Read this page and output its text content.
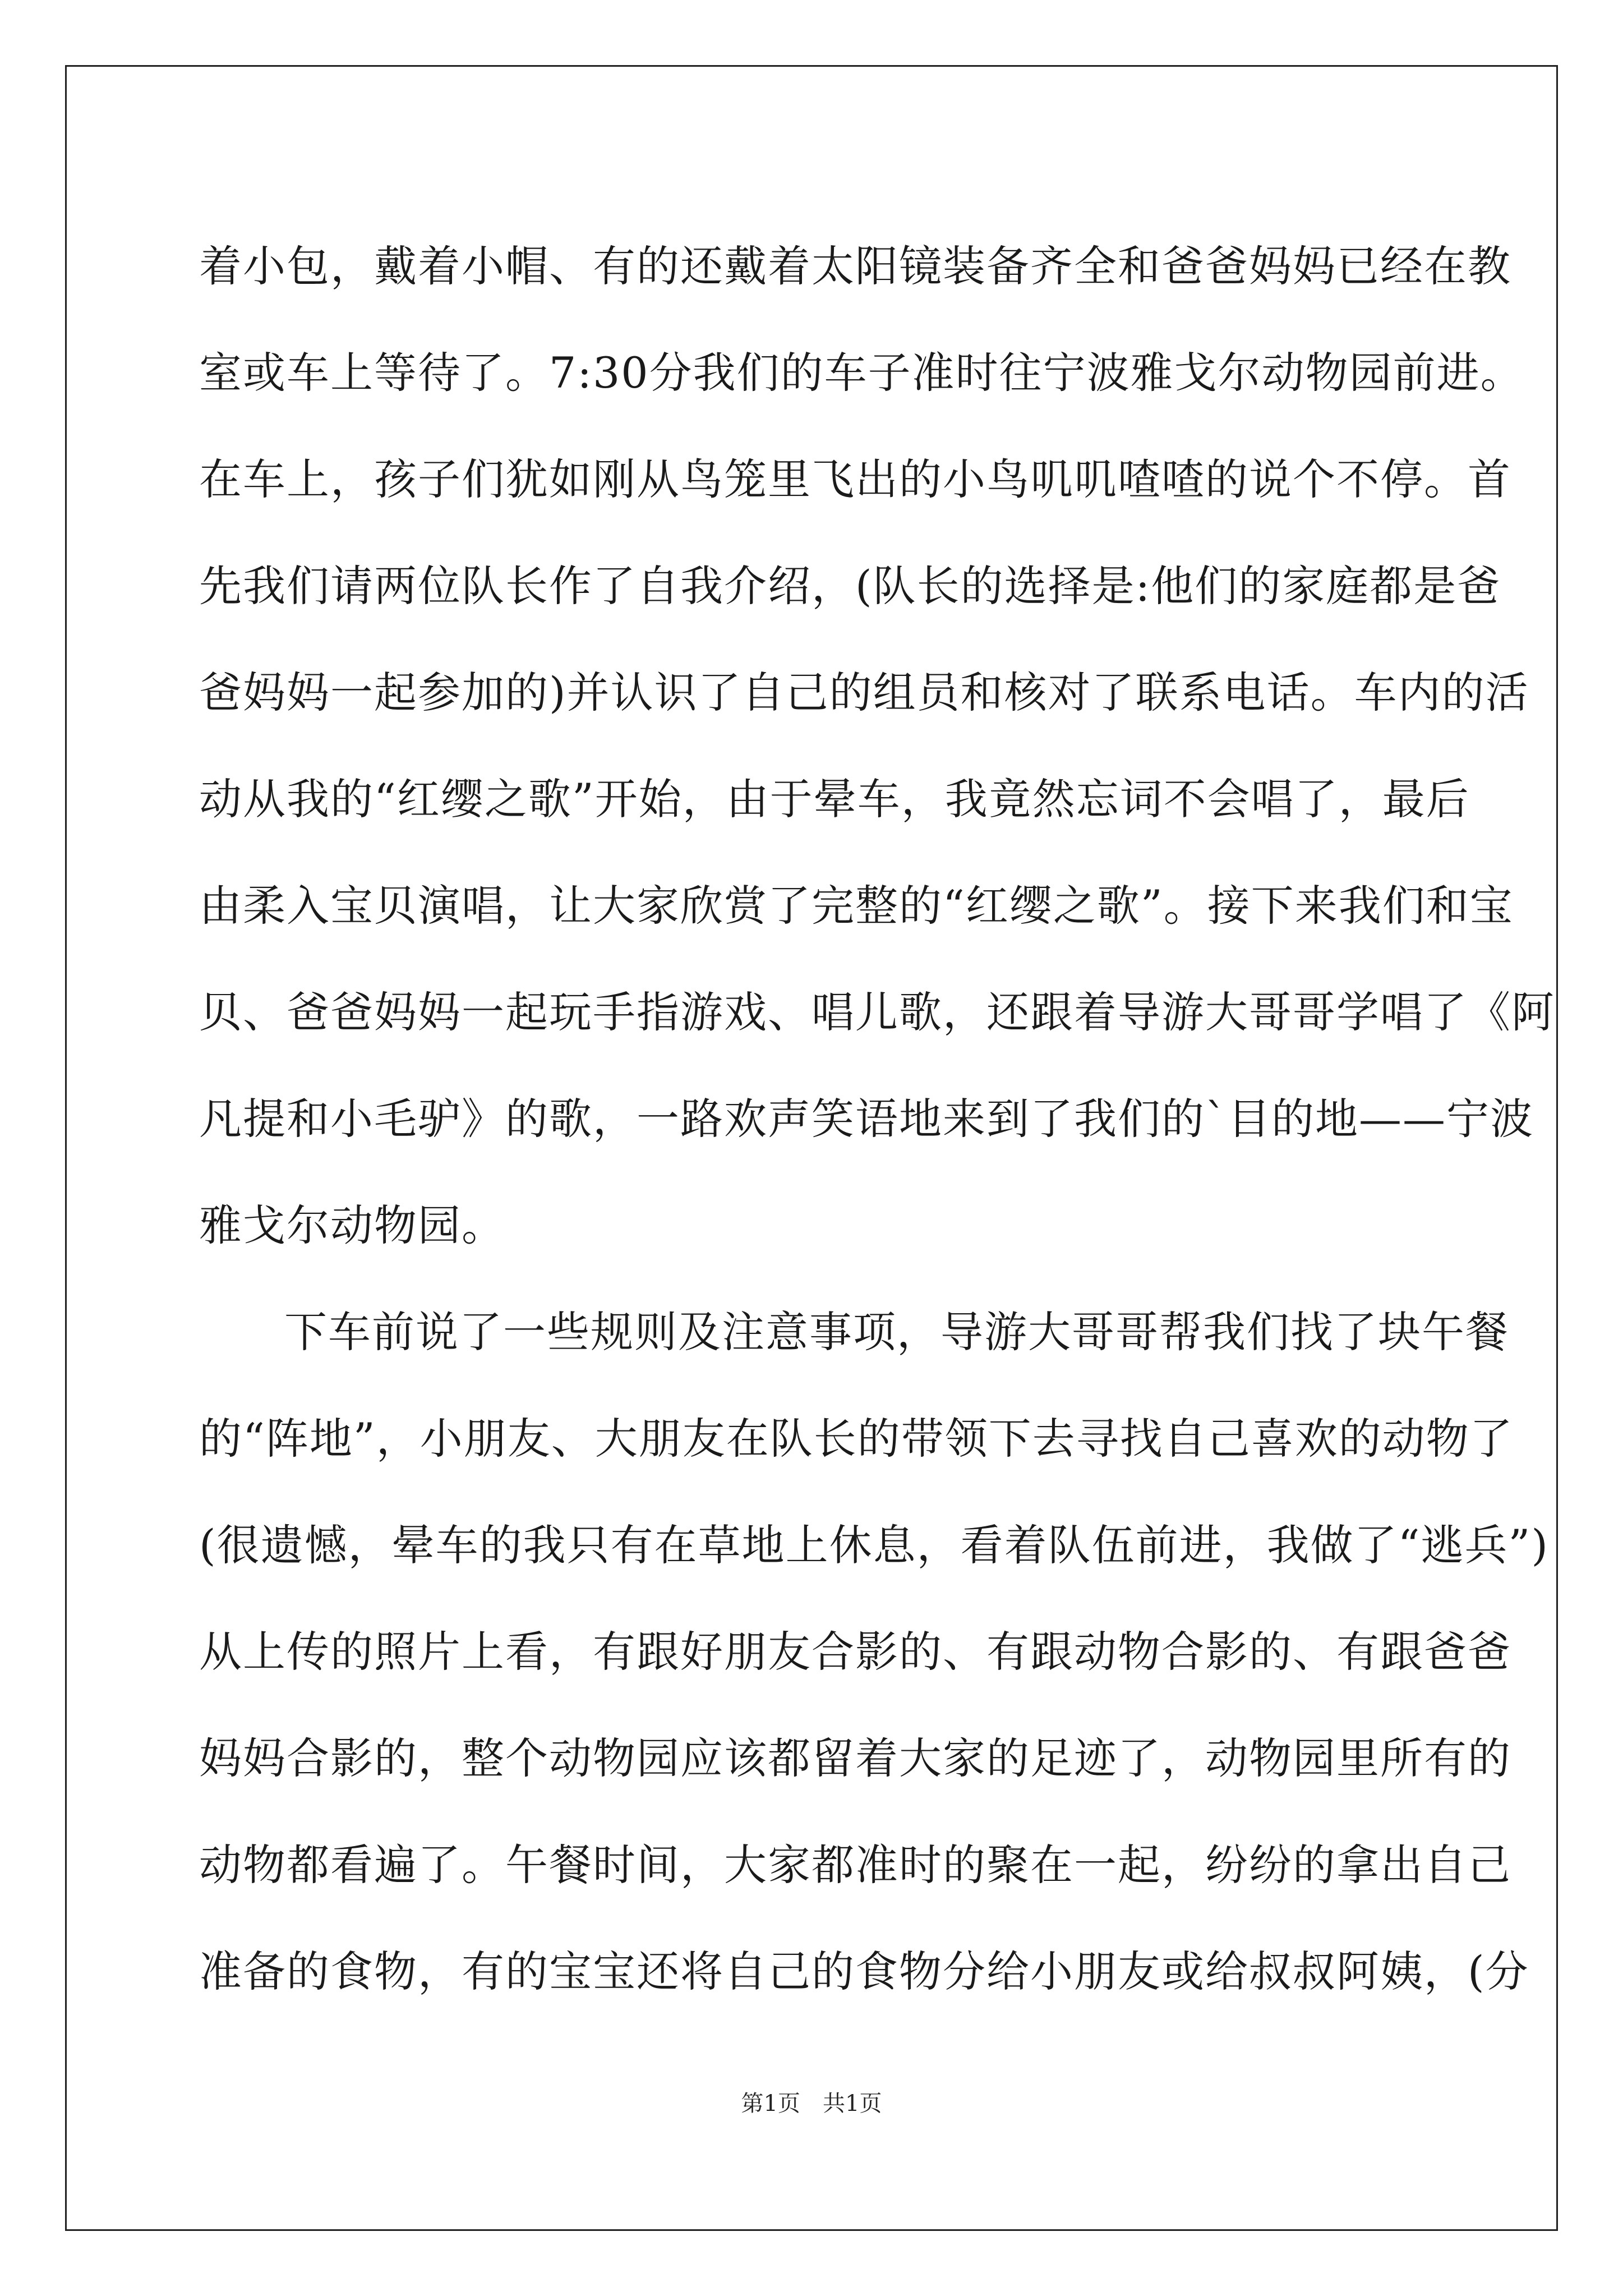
着小包，戴着小帽、有的还戴着太阳镜装备齐全和爸爸妈妈已经在教
室或车上等待了。7:30分我们的车子准时往宁波雅戈尔动物园前进。
在车上，孩子们犹如刚从鸟笼里飞出的小鸟叽叽喳喳的说个不停。首
先我们请两位队长作了自我介绍，(队长的选择是:他们的家庭都是爸
爸妈妈一起参加的)并认识了自己的组员和核对了联系电话。车内的活
动从我的“红缨之歌”开始，由于晕车，我竟然忘词不会唱了，最后
由柔入宝贝演唱，让大家欣赏了完整的“红缨之歌”。接下来我们和宝
贝、爸爸妈妈一起玩手指游戏、唱儿歌，还跟着导游大哥哥学唱了《阿
凡提和小毛驴》的歌，一路欢声笑语地来到了我们的`目的地——宁波
雅戈尔动物园。
下车前说了一些规则及注意事项，导游大哥哥帮我们找了块午餐
的“阵地”，小朋友、大朋友在队长的带领下去寻找自己喜欢的动物了
(很遗憾，晕车的我只有在草地上休息，看着队伍前进，我做了“逃兵”)
从上传的照片上看，有跟好朋友合影的、有跟动物合影的、有跟爸爸
妈妈合影的，整个动物园应该都留着大家的足迹了，动物园里所有的
动物都看遍了。午餐时间，大家都准时的聚在一起，纷纷的拿出自己
准备的食物，有的宝宝还将自己的食物分给小朋友或给叔叔阿姨，(分
第1页　共1页
